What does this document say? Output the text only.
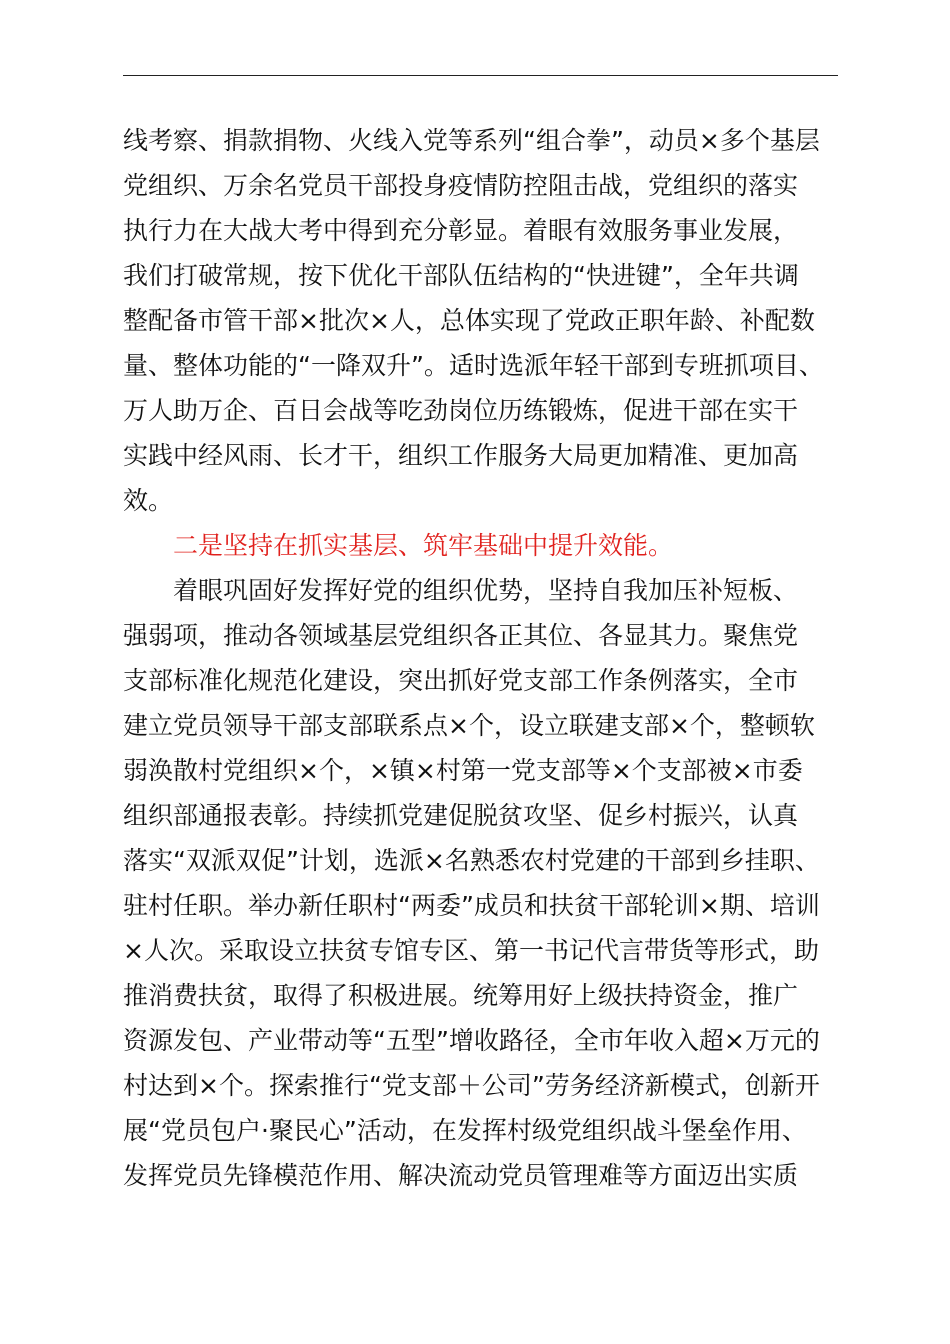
线考察、捐款捐物、火线入党等系列“组合拳”，动员×多个基层
党组织、万余名党员干部投身疫情防控阻击战，党组织的落实
执行力在大战大考中得到充分彰显。着眼有效服务事业发展，
我们打破常规，按下优化干部队伍结构的“快进键”，全年共调
整配备市管干部×批次×人，总体实现了党政正职年龄、补配数
量、整体功能的“一降双升”。适时选派年轻干部到专班抓项目、
万人助万企、百日会战等吃劲岗位历练锻炼，促进干部在实干
实践中经风雨、长才干，组织工作服务大局更加精准、更加高
效。
二是坚持在抓实基层、筑牢基础中提升效能。
着眼巩固好发挥好党的组织优势，坚持自我加压补短板、
强弱项，推动各领域基层党组织各正其位、各显其力。聚焦党
支部标准化规范化建设，突出抓好党支部工作条例落实，全市
建立党员领导干部支部联系点×个，设立联建支部×个，整顿软
弱涣散村党组织×个，×镇×村第一党支部等×个支部被×市委
组织部通报表彰。持续抓党建促脱贫攻坚、促乡村振兴，认真
落实“双派双促”计划，选派×名熟悉农村党建的干部到乡挂职、
驻村任职。举办新任职村“两委”成员和扶贫干部轮训×期、培训
×人次。采取设立扶贫专馆专区、第一书记代言带货等形式，助
推消费扶贫，取得了积极进展。统筹用好上级扶持资金，推广
资源发包、产业带动等“五型”增收路径，全市年收入超×万元的
村达到×个。探索推行“党支部＋公司”劳务经济新模式，创新开
展“党员包户·聚民心”活动，在发挥村级党组织战斗堡垒作用、
发挥党员先锋模范作用、解决流动党员管理难等方面迈出实质
